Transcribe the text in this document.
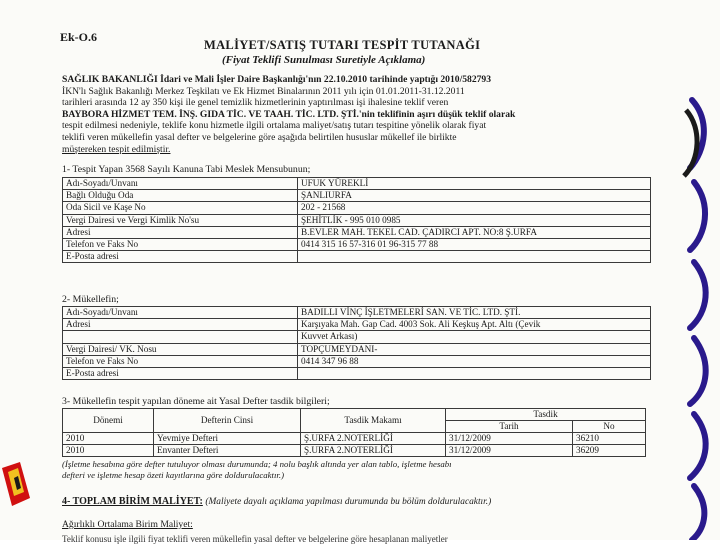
Ek-O.6
MALİYET/SATIŞ TUTARI TESPİT TUTANAĞI
(Fiyat Teklifi Sunulması Suretiyle Açıklama)
SAĞLIK BAKANLIĞI İdari ve Mali İşler Daire Başkanlığı'nın 22.10.2010 tarihinde yaptığı 2010/582793
İKN'lı Sağlık Bakanlığı Merkez Teşkilatı ve Ek Hizmet Binalarının 2011 yılı için 01.01.2011-31.12.2011
tarihleri arasında 12 ay 350 kişi ile genel temizlik hizmetlerinin yaptırılması işi ihalesine teklif veren
BAYBORA HİZMET TEM. İNŞ. GIDA TİC. VE TAAH. TİC. LTD. ŞTİ.'nin teklifinin aşırı düşük teklif olarak
tespit edilmesi nedeniyle, teklife konu hizmetle ilgili ortalama maliyet/satış tutarı tespitine yönelik olarak fiyat
teklifi veren mükellefin yasal defter ve belgelerine göre aşağıda belirtilen hususlar mükellef ile birlikte
müştereken tespit edilmiştir.
1- Tespit Yapan 3568 Sayılı Kanuna Tabi Meslek Mensubunun;
Adı-Soyadı/Unvanı	UFUK YÜREKLİ
Bağlı Olduğu Oda	ŞANLIURFA
Oda Sicil ve Kaşe No	202 - 21568
Vergi Dairesi ve Vergi Kimlik No'su	ŞEHİTLİK - 995 010 0985
Adresi	B.EVLER MAH. TEKEL CAD. ÇADIRCI APT. NO:8 Ş.URFA
Telefon ve Faks No	0414 315 16 57-316 01 96-315 77 88
E-Posta adresi	
2- Mükellefin;
Adı-Soyadı/Unvanı	BADILLI VİNÇ İŞLETMELERİ SAN. VE TİC. LTD. ŞTİ.
Adresi	Karşıyaka Mah. Gap Cad. 4003 Sok. Ali Keşkuş Apt. Altı (Çevik
	Kuvvet Arkası)
Vergi Dairesi/ VK. Nosu	TOPÇUMEYDANI-
Telefon ve Faks No	0414 347 96 88
E-Posta adresi	
3- Mükellefin tespit yapılan döneme ait Yasal Defter tasdik bilgileri;
Dönemi	Defterin Cinsi	Tasdik Makamı	Tasdik	
			Tarih	No
2010	Yevmiye Defteri	Ş.URFA 2.NOTERLİĞİ	31/12/2009	36210
2010	Envanter Defteri	Ş.URFA 2.NOTERLİĞİ	31/12/2009	36209
(İşletme hesabına göre defter tutuluyor olması durumunda; 4 nolu başlık altında yer alan tablo, işletme hesabı
defteri ve işletme hesap özeti kayıtlarına göre doldurulacaktır.)
4- TOPLAM BİRİM MALİYET: (Maliyete dayalı açıklama yapılması durumunda bu bölüm doldurulacaktır.)
Ağırlıklı Ortalama Birim Maliyet:
Teklif konusu işle ilgili fiyat teklifi veren mükellefin yasal defter ve belgelerine göre hesaplanan maliyetler
